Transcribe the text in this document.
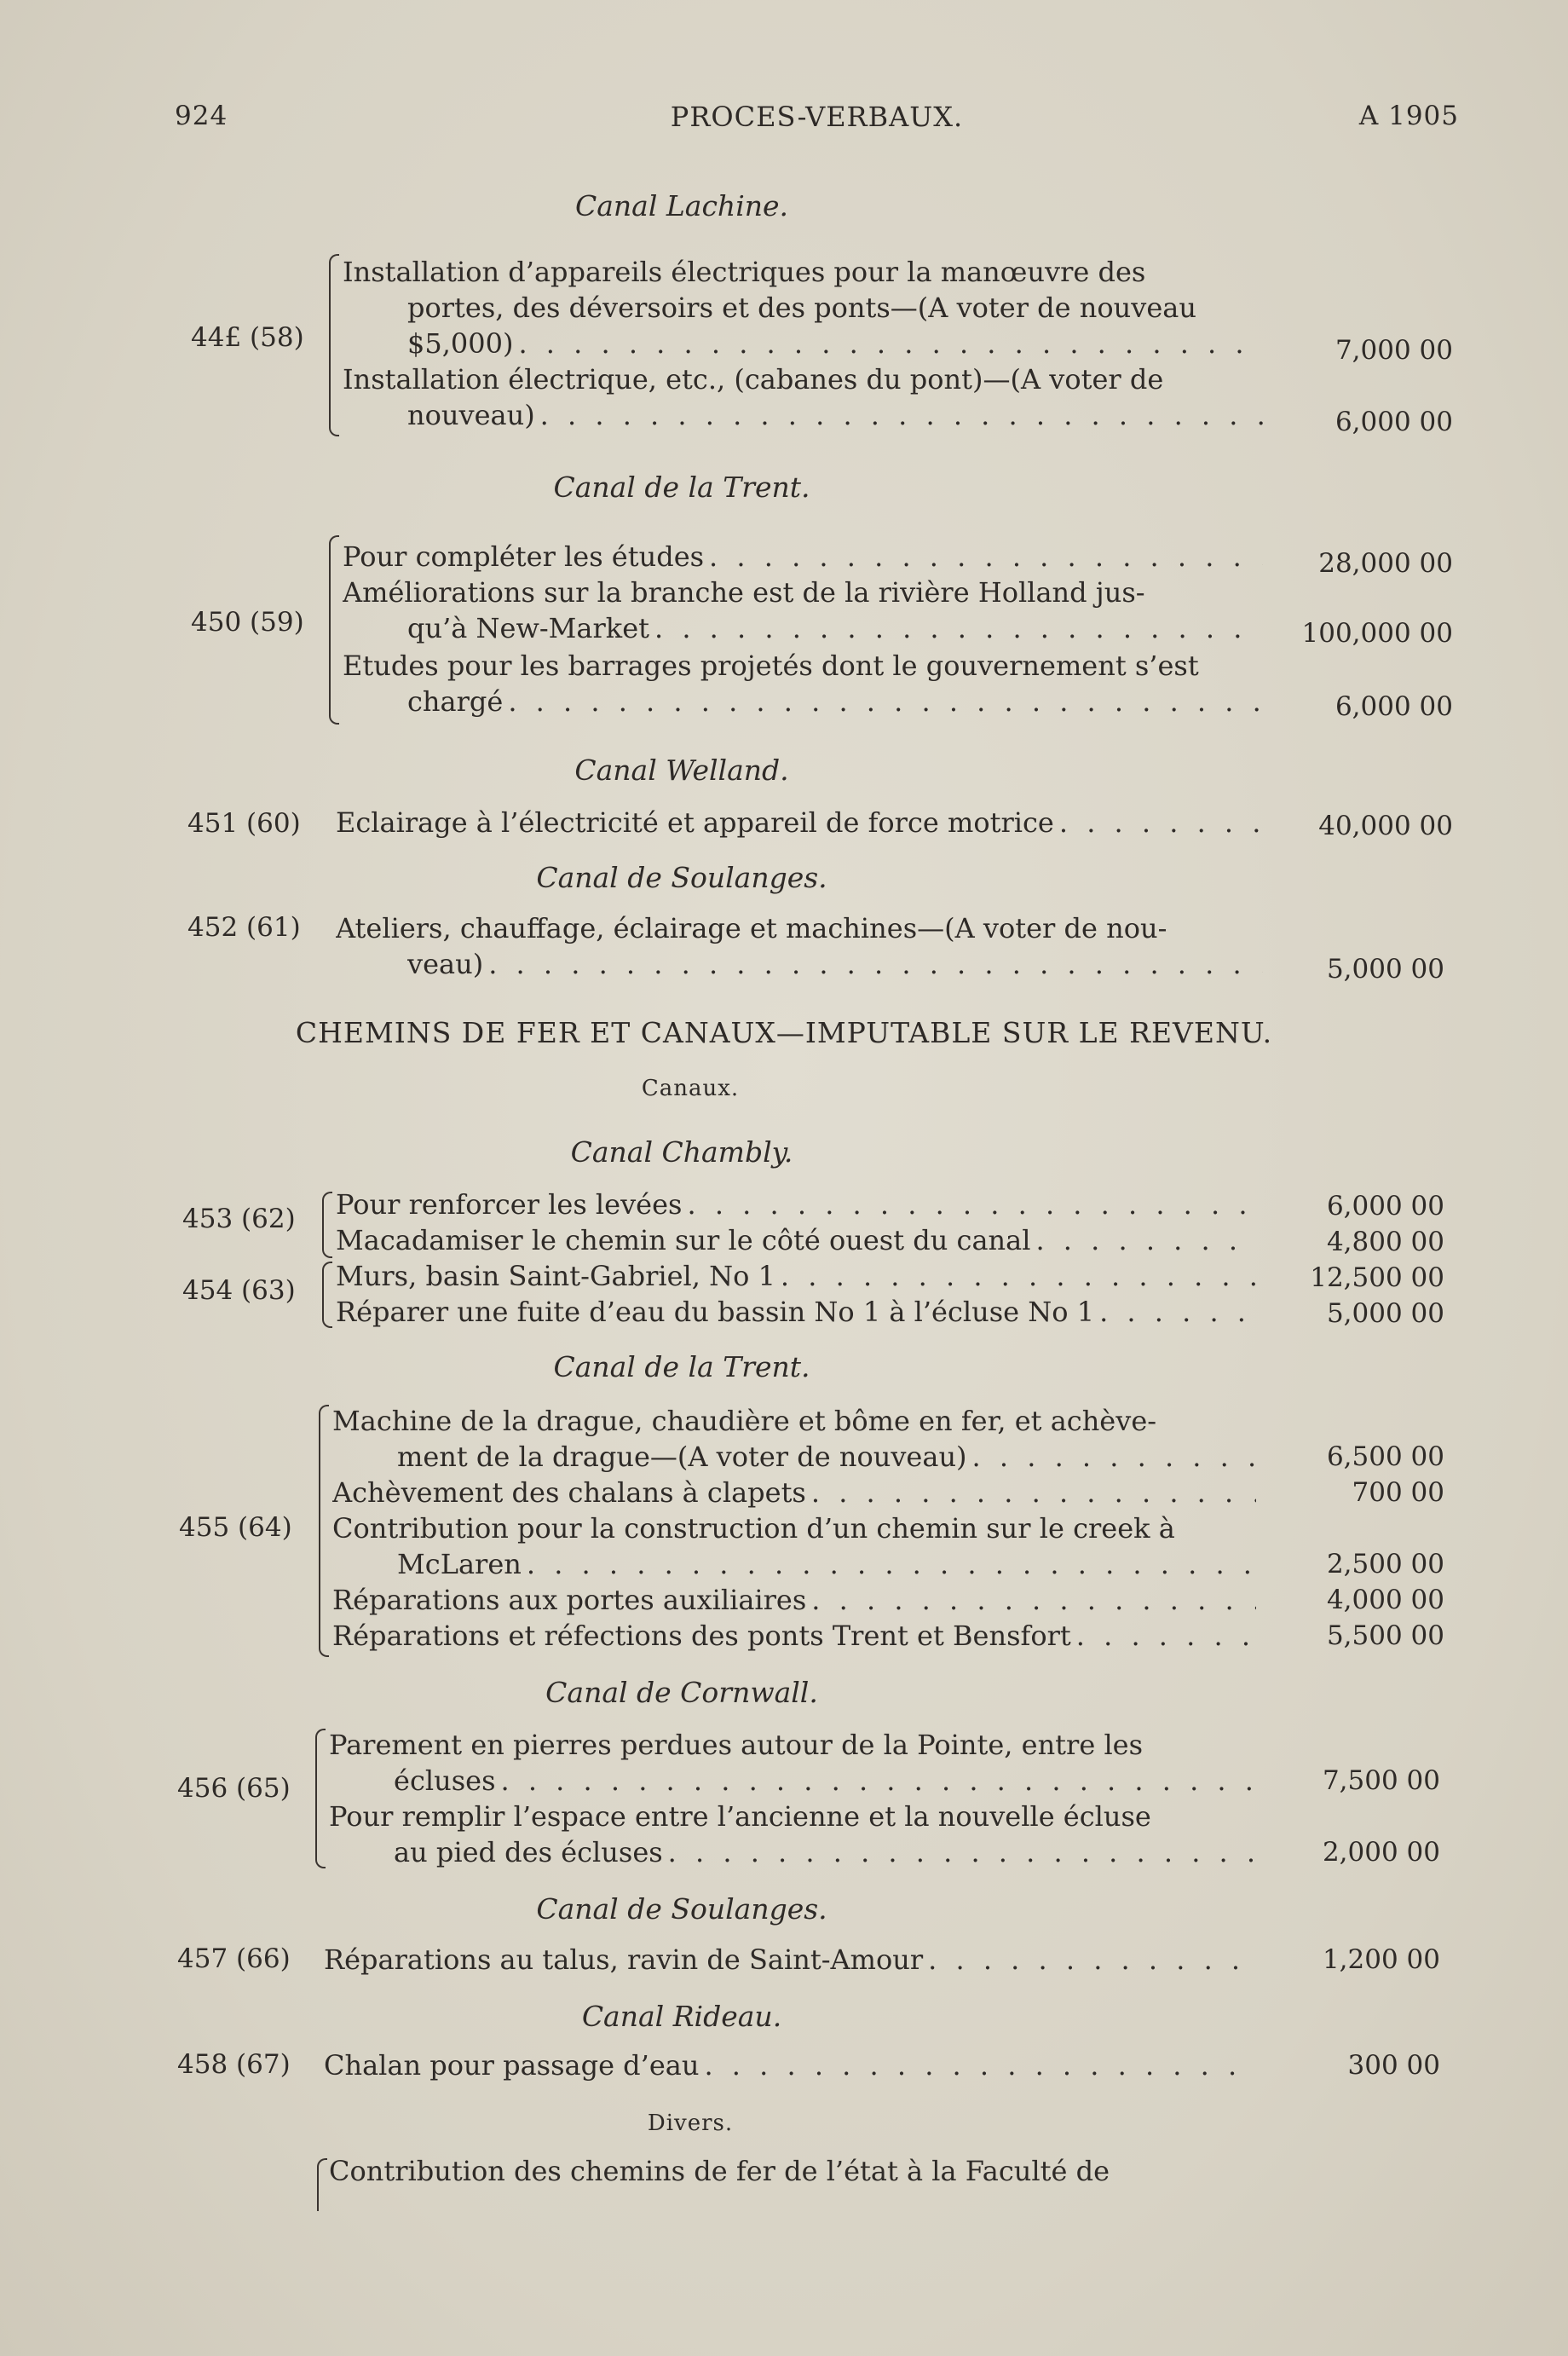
924	PROCES-VERBAUX.	A 1905
Canal Lachine.
44£ (58)
Installation d’appareils électriques pour la manœuvre des
portes, des déversoirs et des ponts—(A voter de nouveau
$5,000) . . .	7,000 00
Installation électrique, etc., (cabanes du pont)—(A voter de
nouveau) . . .	6,000 00
Canal de la Trent.
450 (59)
Pour compléter les études . . .	28,000 00
Améliorations sur la branche est de la rivière Holland jus-
qu’à New-Market . . .	100,000 00
Etudes pour les barrages projetés dont le gouvernement s’est
chargé . . .	6,000 00
Canal Welland.
451 (60) Eclairage à l’électricité et appareil de force motrice . . .	40,000 00
Canal de Soulanges.
452 (61) Ateliers, chauffage, éclairage et machines—(A voter de nou-
veau) . . .	5,000 00
CHEMINS DE FER ET CANAUX—IMPUTABLE SUR LE REVENU.
Canaux.
Canal Chambly.
453 (62) Pour renforcer les levées . . .	6,000 00
Macadamiser le chemin sur le côté ouest du canal . . .	4,800 00
454 (63) Murs, basin Saint-Gabriel, No 1 . . .	12,500 00
Réparer une fuite d’eau du bassin No 1 à l’écluse No 1 . . .	5,000 00
Canal de la Trent.
455 (64)
Machine de la drague, chaudière et bôme en fer, et achève-
ment de la drague—(A voter de nouveau) . . .	6,500 00
Achèvement des chalans à clapets . . .	700 00
Contribution pour la construction d’un chemin sur le creek à
McLaren . . .	2,500 00
Réparations aux portes auxiliaires . . .	4,000 00
Réparations et réfections des ponts Trent et Bensfort . . .	5,500 00
Canal de Cornwall.
456 (65)
Parement en pierres perdues autour de la Pointe, entre les
écluses . . .	7,500 00
Pour remplir l’espace entre l’ancienne et la nouvelle écluse
au pied des écluses . . .	2,000 00
Canal de Soulanges.
457 (66) Réparations au talus, ravin de Saint-Amour . . .	1,200 00
Canal Rideau.
458 (67) Chalan pour passage d’eau . . .	300 00
Divers.
Contribution des chemins de fer de l’état à la Faculté de
